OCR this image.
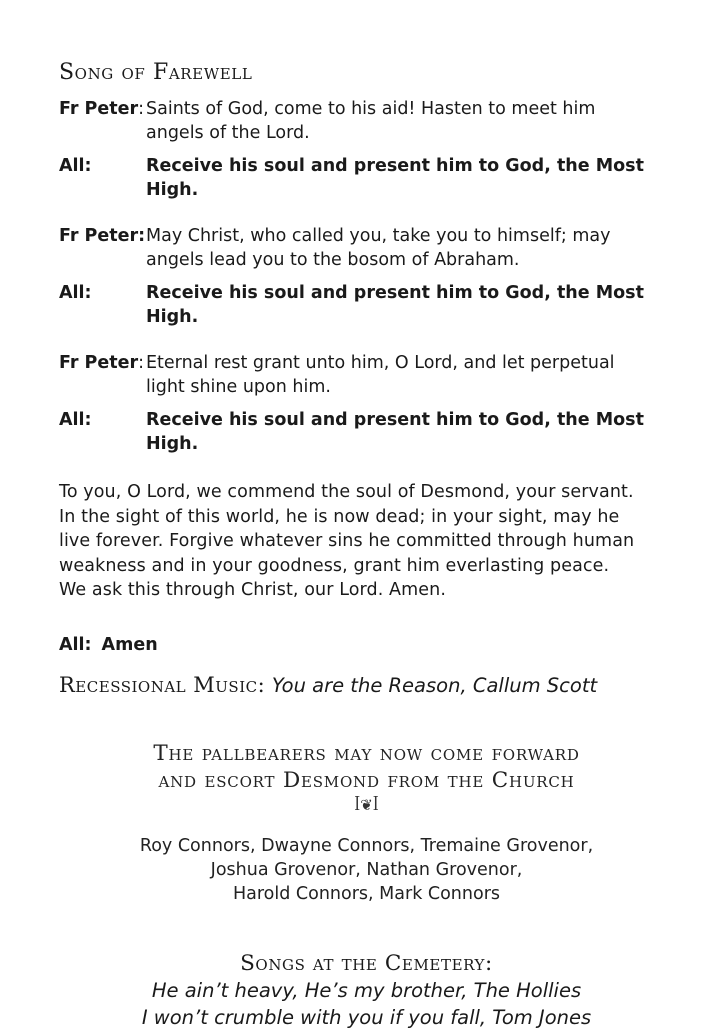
Song of Farewell
Fr Peter: Saints of God, come to his aid! Hasten to meet him
angels of the Lord.
All:	Receive his soul and present him to God, the Most High.
Fr Peter: May Christ, who called you, take you to himself; may
angels lead you to the bosom of Abraham.
All:	Receive his soul and present him to God, the Most High.
Fr Peter: Eternal rest grant unto him, O Lord, and let perpetual
light shine upon him.
All:	Receive his soul and present him to God, the Most High.
To you, O Lord, we commend the soul of Desmond, your servant.
In the sight of this world, he is now dead; in your sight, may he
live forever. Forgive whatever sins he committed through human
weakness and in your goodness, grant him everlasting peace.
We ask this through Christ, our Lord. Amen.
All: Amen
Recessional Music: You are the Reason, Callum Scott
The pallbearers may now come forward
and escort Desmond from the Church
ꟾ❦ꟾ
Roy Connors, Dwayne Connors, Tremaine Grovenor,
Joshua Grovenor, Nathan Grovenor,
Harold Connors, Mark Connors
Songs at the Cemetery:
He ain’t heavy, He’s my brother, The Hollies
I won’t crumble with you if you fall, Tom Jones
